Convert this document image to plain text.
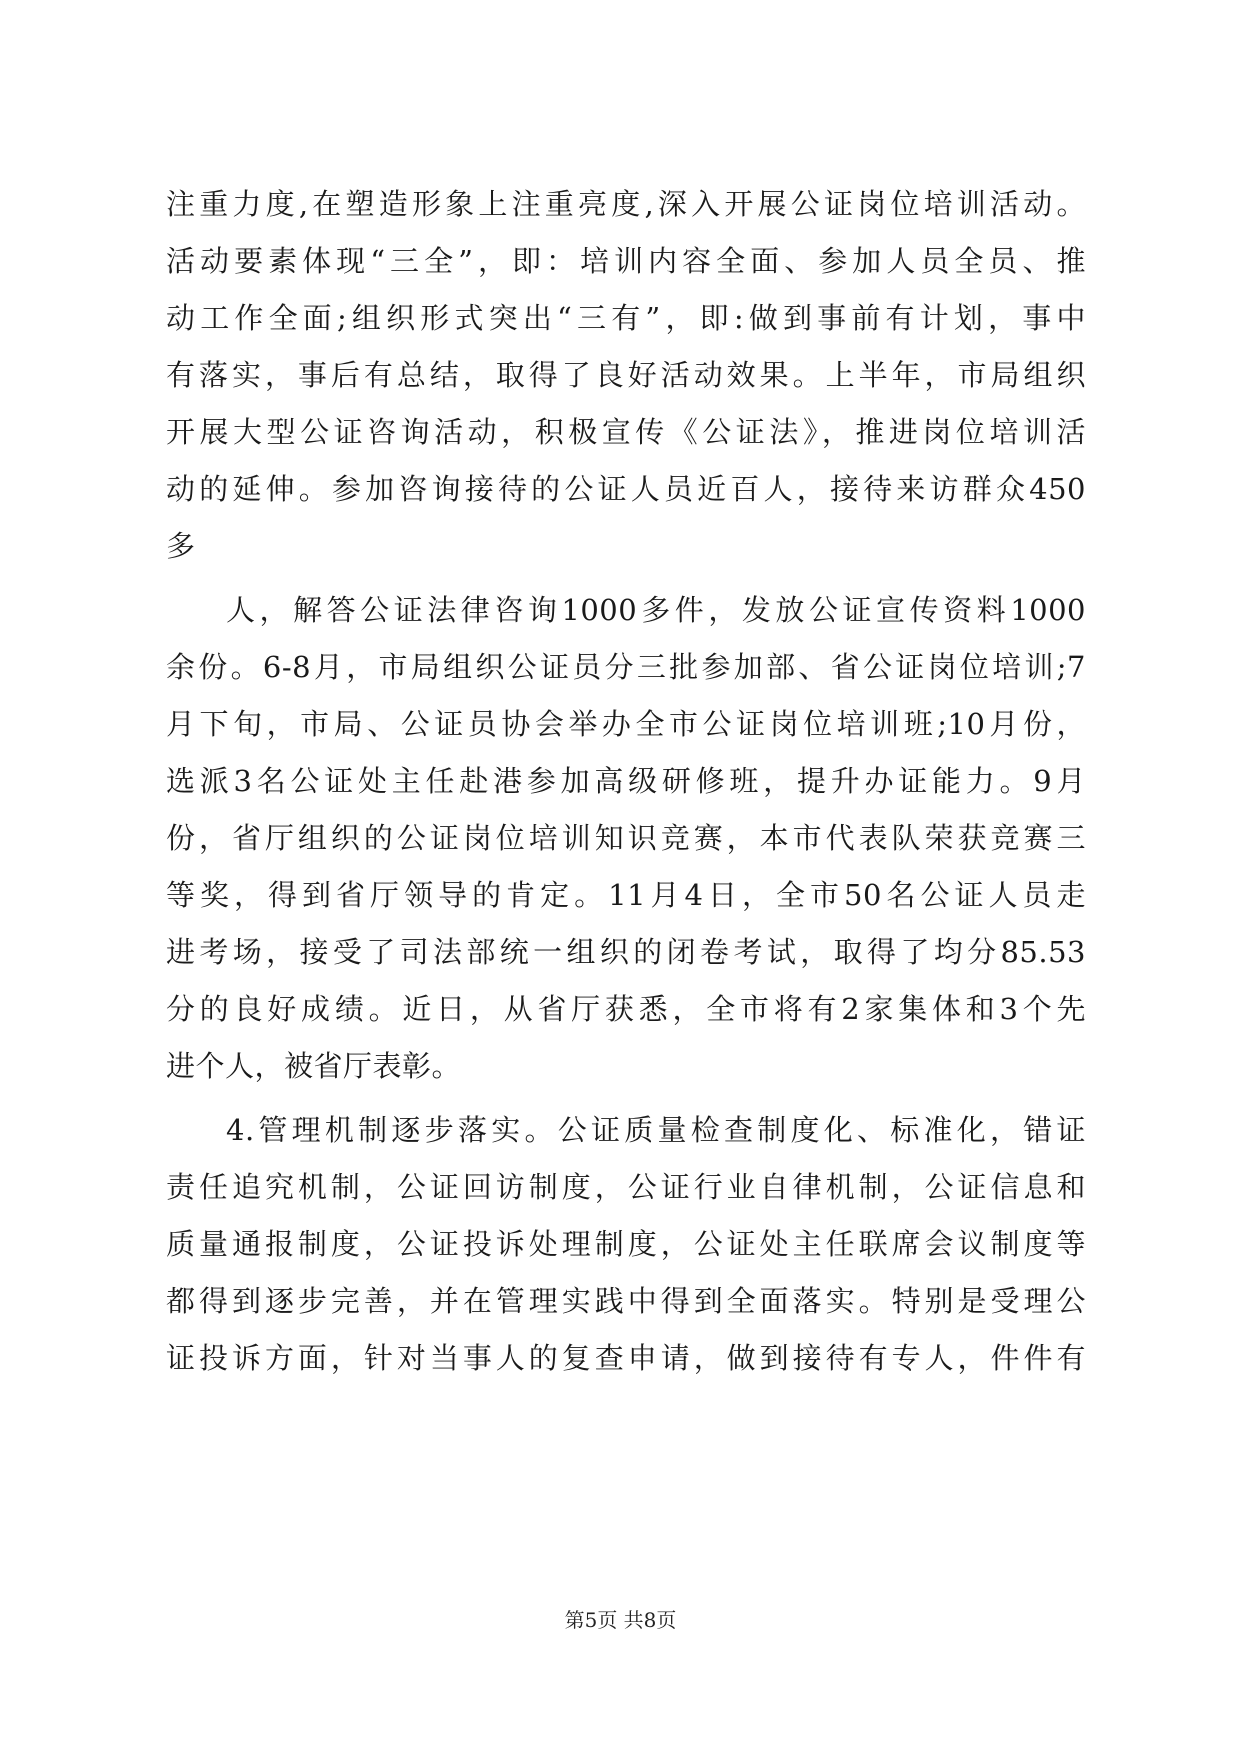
注重力度,在塑造形象上注重亮度,深入开展公证岗位培训活动。
活动要素体现“三全”，即：培训内容全面、参加人员全员、推
动工作全面;组织形式突出“三有”，即:做到事前有计划，事中
有落实，事后有总结，取得了良好活动效果。上半年，市局组织
开展大型公证咨询活动，积极宣传《公证法》，推进岗位培训活
动的延伸。参加咨询接待的公证人员近百人，接待来访群众450
多
人，解答公证法律咨询1000多件，发放公证宣传资料1000
余份。6-8月，市局组织公证员分三批参加部、省公证岗位培训;7
月下旬，市局、公证员协会举办全市公证岗位培训班;10月份，
选派3名公证处主任赴港参加高级研修班，提升办证能力。9月
份，省厅组织的公证岗位培训知识竞赛，本市代表队荣获竞赛三
等奖，得到省厅领导的肯定。11月4日，全市50名公证人员走
进考场，接受了司法部统一组织的闭卷考试，取得了均分85.53
分的良好成绩。近日，从省厅获悉，全市将有2家集体和3个先
进个人，被省厅表彰。
4.管理机制逐步落实。公证质量检查制度化、标准化，错证
责任追究机制，公证回访制度，公证行业自律机制，公证信息和
质量通报制度，公证投诉处理制度，公证处主任联席会议制度等
都得到逐步完善，并在管理实践中得到全面落实。特别是受理公
证投诉方面，针对当事人的复查申请，做到接待有专人，件件有
第5页 共8页
